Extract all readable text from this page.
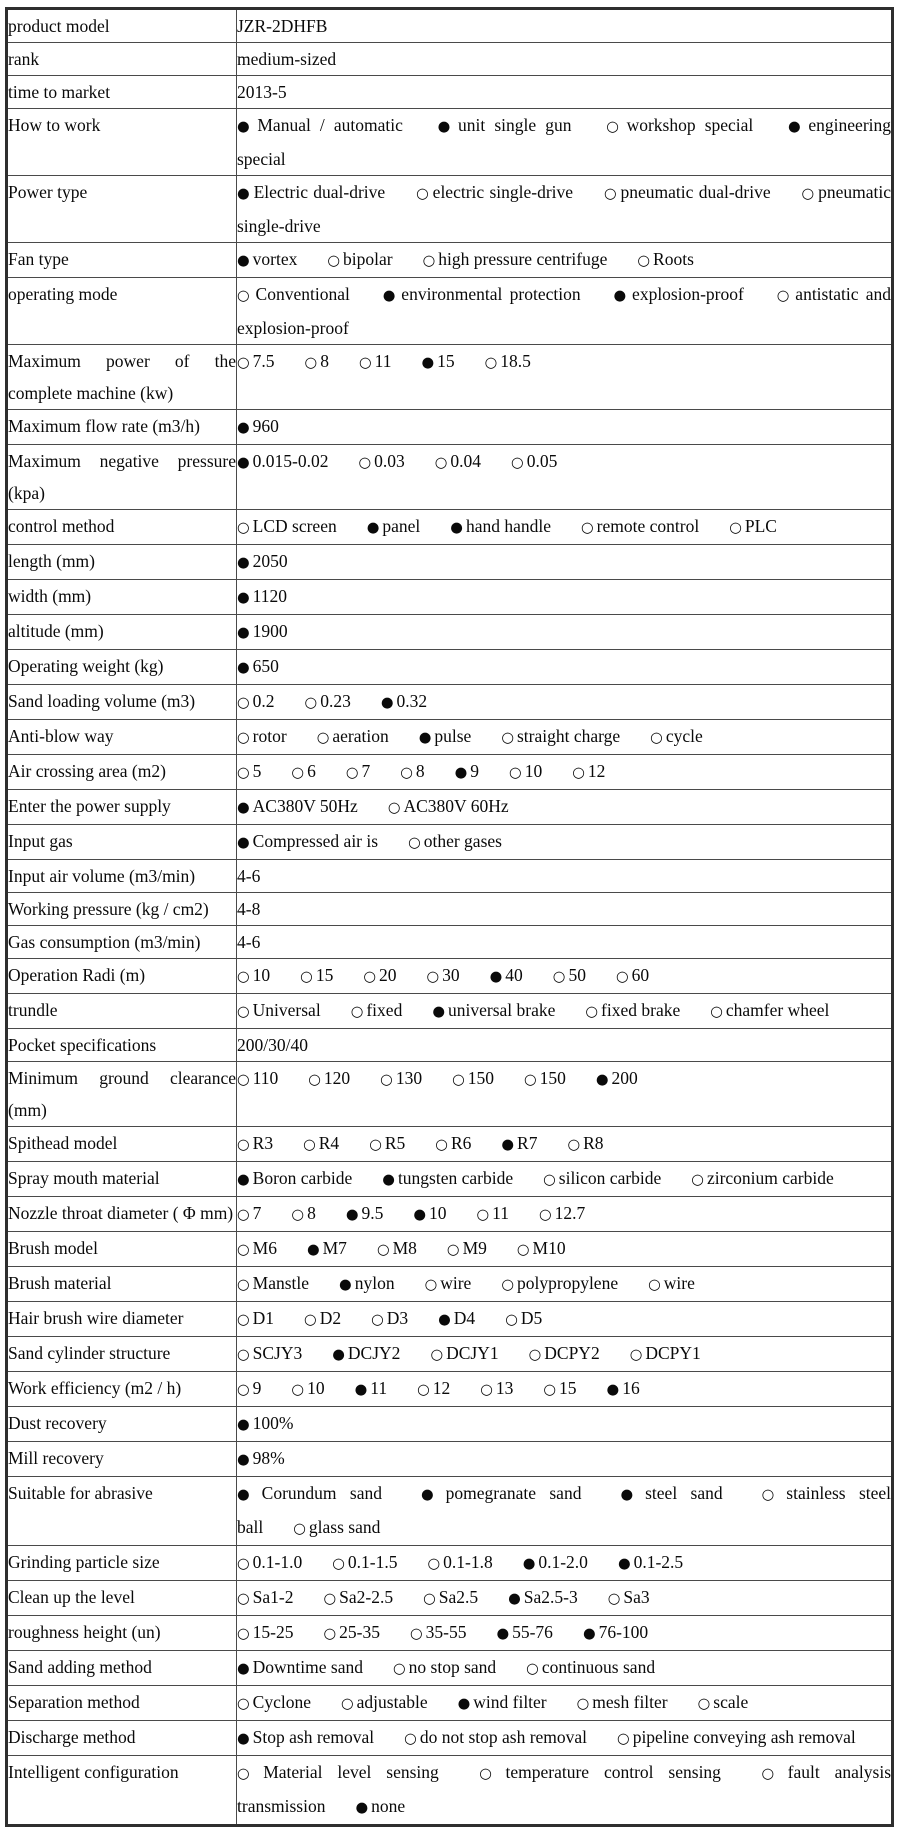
product model	JZR-2DHFB
rank	medium-sized
time to market	2013-5
How to work	● Manual / automatic ● unit single gun ○ workshop special ● engineering special
Power type	● Electric dual-drive ○ electric single-drive ○ pneumatic dual-drive ○ pneumatic single-drive
Fan type	● vortex ○ bipolar ○ high pressure centrifuge ○ Roots
operating mode	○ Conventional ● environmental protection ● explosion-proof ○ antistatic and explosion-proof
Maximum power of the complete machine (kw)	○ 7.5 ○ 8 ○ 11 ● 15 ○ 18.5
Maximum flow rate (m3/h)	● 960
Maximum negative pressure (kpa)	● 0.015-0.02 ○ 0.03 ○ 0.04 ○ 0.05
control method	○ LCD screen ● panel ● hand handle ○ remote control ○ PLC
length (mm)	● 2050
width (mm)	● 1120
altitude (mm)	● 1900
Operating weight (kg)	● 650
Sand loading volume (m3)	○ 0.2 ○ 0.23 ● 0.32
Anti-blow way	○ rotor ○ aeration ● pulse ○ straight charge ○ cycle
Air crossing area (m2)	○ 5 ○ 6 ○ 7 ○ 8 ● 9 ○ 10 ○ 12
Enter the power supply	● AC380V 50Hz ○ AC380V 60Hz
Input gas	● Compressed air is ○ other gases
Input air volume (m3/min)	4-6
Working pressure (kg / cm2)	4-8
Gas consumption (m3/min)	4-6
Operation Radi (m)	○ 10 ○ 15 ○ 20 ○ 30 ● 40 ○ 50 ○ 60
trundle	○ Universal ○ fixed ● universal brake ○ fixed brake ○ chamfer wheel
Pocket specifications	200/30/40
Minimum ground clearance (mm)	○ 110 ○ 120 ○ 130 ○ 150 ○ 150 ● 200
Spithead model	○ R3 ○ R4 ○ R5 ○ R6 ● R7 ○ R8
Spray mouth material	● Boron carbide ● tungsten carbide ○ silicon carbide ○ zirconium carbide
Nozzle throat diameter ( Φ mm)	○ 7 ○ 8 ● 9.5 ● 10 ○ 11 ○ 12.7
Brush model	○ M6 ● M7 ○ M8 ○ M9 ○ M10
Brush material	○ Manstle ● nylon ○ wire ○ polypropylene ○ wire
Hair brush wire diameter	○ D1 ○ D2 ○ D3 ● D4 ○ D5
Sand cylinder structure	○ SCJY3 ● DCJY2 ○ DCJY1 ○ DCPY2 ○ DCPY1
Work efficiency (m2 / h)	○ 9 ○ 10 ● 11 ○ 12 ○ 13 ○ 15 ● 16
Dust recovery	● 100%
Mill recovery	● 98%
Suitable for abrasive	● Corundum sand ● pomegranate sand ● steel sand ○ stainless steel ball ○ glass sand
Grinding particle size	○ 0.1-1.0 ○ 0.1-1.5 ○ 0.1-1.8 ● 0.1-2.0 ● 0.1-2.5
Clean up the level	○ Sa1-2 ○ Sa2-2.5 ○ Sa2.5 ● Sa2.5-3 ○ Sa3
roughness height (un)	○ 15-25 ○ 25-35 ○ 35-55 ● 55-76 ● 76-100
Sand adding method	● Downtime sand ○ no stop sand ○ continuous sand
Separation method	○ Cyclone ○ adjustable ● wind filter ○ mesh filter ○ scale
Discharge method	● Stop ash removal ○ do not stop ash removal ○ pipeline conveying ash removal
Intelligent configuration	○ Material level sensing ○ temperature control sensing ○ fault analysis transmission ● none
